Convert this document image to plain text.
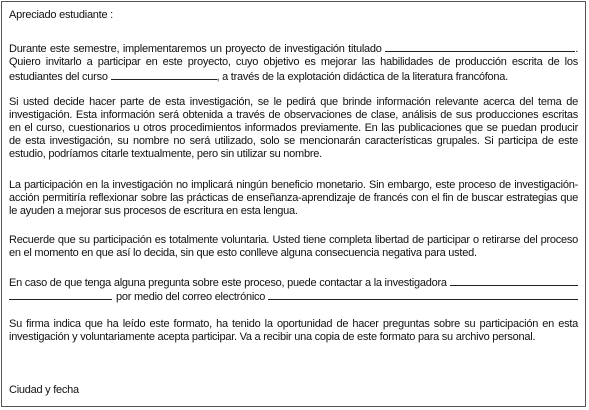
Apreciado estudiante :

Durante este semestre, implementaremos un proyecto de investigación titulado	. Quiero invitarlo a participar en este proyecto, cuyo objetivo es mejorar las habilidades de producción escrita de los estudiantes del curso	, a través de la explotación didáctica de la literatura francófona.

Si usted decide hacer parte de esta investigación, se le pedirá que brinde información relevante acerca del tema de investigación. Esta información será obtenida a través de observaciones de clase, análisis de sus producciones escritas en el curso, cuestionarios u otros procedimientos informados previamente. En las publicaciones que se puedan producir de esta investigación, su nombre no será utilizado, solo se mencionarán características grupales. Si participa de este estudio, podríamos citarle textualmente, pero sin utilizar su nombre.

La participación en la investigación no implicará ningún beneficio monetario. Sin embargo, este proceso de investigación-acción permitiría reflexionar sobre las prácticas de enseñanza-aprendizaje de francés con el fin de buscar estrategias que le ayuden a mejorar sus procesos de escritura en esta lengua.

Recuerde que su participación es totalmente voluntaria. Usted tiene completa libertad de participar o retirarse del proceso en el momento en que así lo decida, sin que esto conlleve alguna consecuencia negativa para usted.

En caso de que tenga alguna pregunta sobre este proceso, puede contactar a la investigadora
por medio del correo electrónico

Su firma indica que ha leído este formato, ha tenido la oportunidad de hacer preguntas sobre su participación en esta investigación y voluntariamente acepta participar. Va a recibir una copia de este formato para su archivo personal.

Ciudad y fecha
